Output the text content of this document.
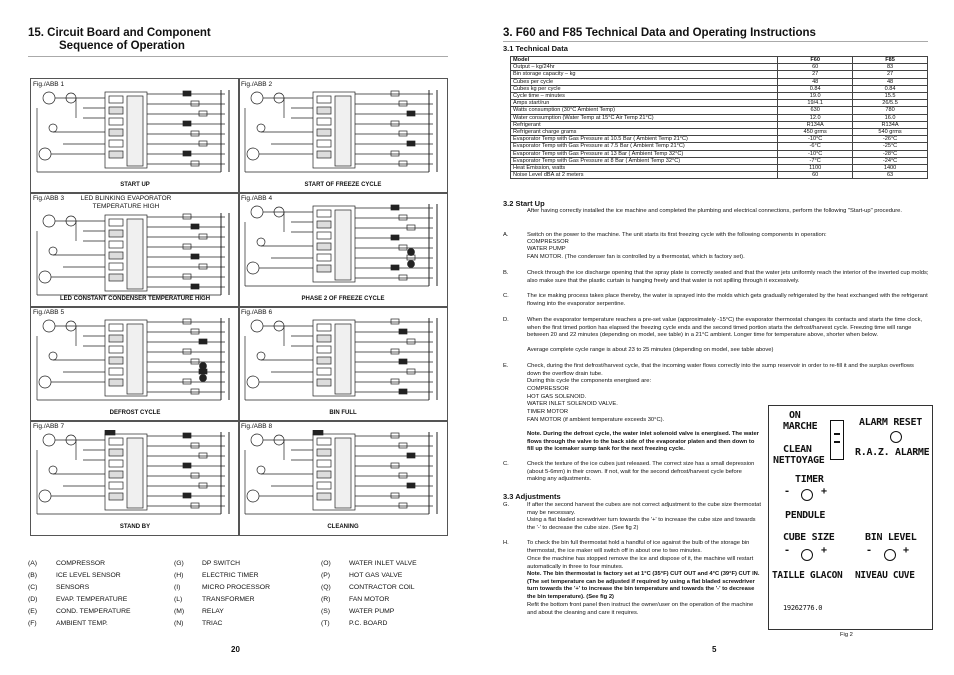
15. Circuit Board and Component
Sequence of Operation
Fig./ABB 1
START UP
Fig./ABB 2
START OF FREEZE CYCLE
Fig./ABB 3	LED BLINKING EVAPORATOR TEMPERATURE HIGH
LED CONSTANT CONDENSER TEMPERATURE HIGH
Fig./ABB 4
PHASE 2 OF FREEZE CYCLE
Fig./ABB 5
DEFROST CYCLE
Fig./ABB 6
BIN FULL
Fig./ABB 7
STAND BY
Fig./ABB 8
CLEANING
(A)	COMPRESSOR	(G)	DP SWITCH	(O)	WATER INLET VALVE
(B)	ICE LEVEL SENSOR	(H)	ELECTRIC TIMER	(P)	HOT GAS VALVE
(C)	SENSORS	(I)	MICRO PROCESSOR	(Q)	CONTRACTOR COIL
(D)	EVAP. TEMPERATURE	(L)	TRANSFORMER	(R)	FAN MOTOR
(E)	COND. TEMPERATURE	(M)	RELAY	(S)	WATER PUMP
(F)	AMBIENT TEMP.	(N)	TRIAC	(T)	P.C. BOARD
20
3. F60 and F85 Technical Data and Operating Instructions
3.1 Technical Data
Model	F60	F85
Output – kg/24hr	60	83
Bin storage capacity – kg	27	27
Cubes per cycle	48	48
Cubes kg per cycle	0.84	0.84
Cycle time – minutes	19.0	15.5
Amps start/run	19/4.1	26/5.5
Watts consumption (30°C Ambient Temp)	630	780
Water consumption (Water Temp at 15°C Air Temp 21°C)	12.0	16.0
Refrigerant	R134A	R134A
Refrigerant charge grams	450 grms	540 grms
Evaporator Temp with Gas Pressure at 10.5 Bar ( Ambient Temp 21°C)	-10°C	-26°C
Evaporator Temp with Gas Pressure at 7.5 Bar ( Ambient Temp 21°C)	-6°C	-25°C
Evaporator Temp with Gas Pressure at 13 Bar ( Ambient Temp 32°C)	-10°C	-28°C
Evaporator Temp with Gas Pressure at 8 Bar ( Ambient Temp 32°C)	-7°C	-24°C
Heat Emission, watts	1100	1400
Noise Level dBA at 2 meters	60	63
3.2 Start Up
After having correctly installed the ice machine and completed the plumbing and electrical connections, perform the following "Start-up" procedure.
A.	Switch on the power to the machine. The unit starts its first freezing cycle with the following components in operation:
COMPRESSOR
WATER PUMP
FAN MOTOR. (The condenser fan is controlled by a thermostat, which is factory set).
B.	Check through the ice discharge opening that the spray plate is correctly seated and that the water jets uniformly reach the interior of the inverted cup molds; also make sure that the plastic curtain is hanging freely and that water is not spilling through it excessively.
C.	The ice making process takes place thereby, the water is sprayed into the molds which gets gradually refrigerated by the heat exchanged with the refrigerant flowing into the evaporator serpentine.
D.	When the evaporator temperature reaches a pre-set value (approximately -15°C) the evaporator thermostat changes its contacts and starts the time clock, when the first timed portion has elapsed the freezing cycle ends and the second timed portion starts the defrost/harvest cycle. Freezing time will range between 20 and 22 minutes (depending on model, see table) in a 21°C ambient. Longer time for temperature above, shorter when below.
Average complete cycle range is about 23 to 25 minutes (depending on model, see table above)
E.	Check, during the first defrost/harvest cycle, that the incoming water flows correctly into the sump reservoir in order to re-fill it and the surplus overflows down the overflow drain tube.
During this cycle the components energised are:
COMPRESSOR
HOT GAS SOLENOID.
WATER INLET SOLENOID VALVE.
TIMER MOTOR
FAN MOTOR (if ambient temperature exceeds 30°C).
Note. During the defrost cycle, the water inlet solenoid valve is energised. The water flows through the valve to the back side of the evaporator platen and then down to fill up the icemaker sump tank for the next freezing cycle.
C.	Check the texture of the ice cubes just released. The correct size has a small depression (about 5-6mm) in their crown. If not, wait for the second defrost/harvest cycle before making any adjustments.
3.3 Adjustments
G.	If after the second harvest the cubes are not correct adjustment to the cube size thermostat may be necessary.
Using a flat bladed screwdriver turn towards the '+' to increase the cube size and towards the '-' to decrease the cube size. (See fig 2)
H.	To check the bin full thermostat hold a handful of ice against the bulb of the storage bin thermostat, the ice maker will switch off in about one to two minutes.
Once the machine has stopped remove the ice and dispose of it, the machine will restart automatically in three to four minutes.
Note. The bin thermostat is factory set at 1°C (35°F) CUT OUT and 4°C (39°F) CUT IN. (The set temperature can be adjusted if required by using a flat bladed screwdriver turn towards the '+' to increase the bin temperature and towards the '-' to decrease the bin temperature). (See fig 2)
Refit the bottom front panel then instruct the owner/user on the operation of the machine and about the cleaning and care it requires.
ON
MARCHE
CLEAN
NETTOYAGE
ALARM RESET
R.A.Z. ALARME
TIMER
-	+
PENDULE
CUBE SIZE
-	+
TAILLE GLACON
BIN LEVEL
-	+
NIVEAU CUVE
19262776.0
Fig 2
5
